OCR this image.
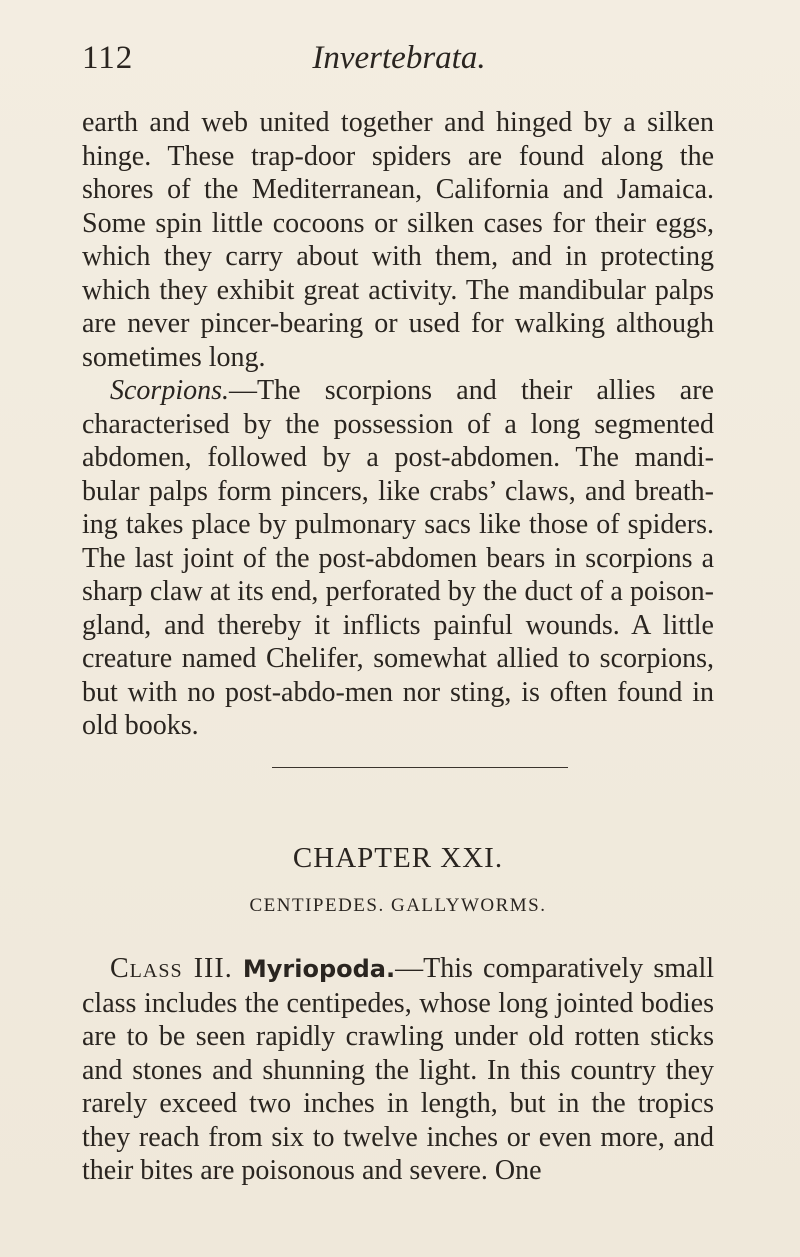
112	Invertebrata.

earth and web united together and hinged by a silken hinge. These trap-door spiders are found along the shores of the Mediterranean, California and Jamaica. Some spin little cocoons or silken cases for their eggs, which they carry about with them, and in protecting which they exhibit great activity. The mandibular palps are never pincer-bearing or used for walking although sometimes long.

Scorpions.—The scorpions and their allies are characterised by the possession of a long segmented abdomen, followed by a post-abdomen. The mandi-bular palps form pincers, like crabs’ claws, and breath-ing takes place by pulmonary sacs like those of spiders. The last joint of the post-abdomen bears in scorpions a sharp claw at its end, perforated by the duct of a poison-gland, and thereby it inflicts painful wounds. A little creature named Chelifer, somewhat allied to scorpions, but with no post-abdo-men nor sting, is often found in old books.

CHAPTER XXI.
CENTIPEDES. GALLYWORMS.

Class III. Myriopoda.—This comparatively small class includes the centipedes, whose long jointed bodies are to be seen rapidly crawling under old rotten sticks and stones and shunning the light. In this country they rarely exceed two inches in length, but in the tropics they reach from six to twelve inches or even more, and their bites are poisonous and severe. One
